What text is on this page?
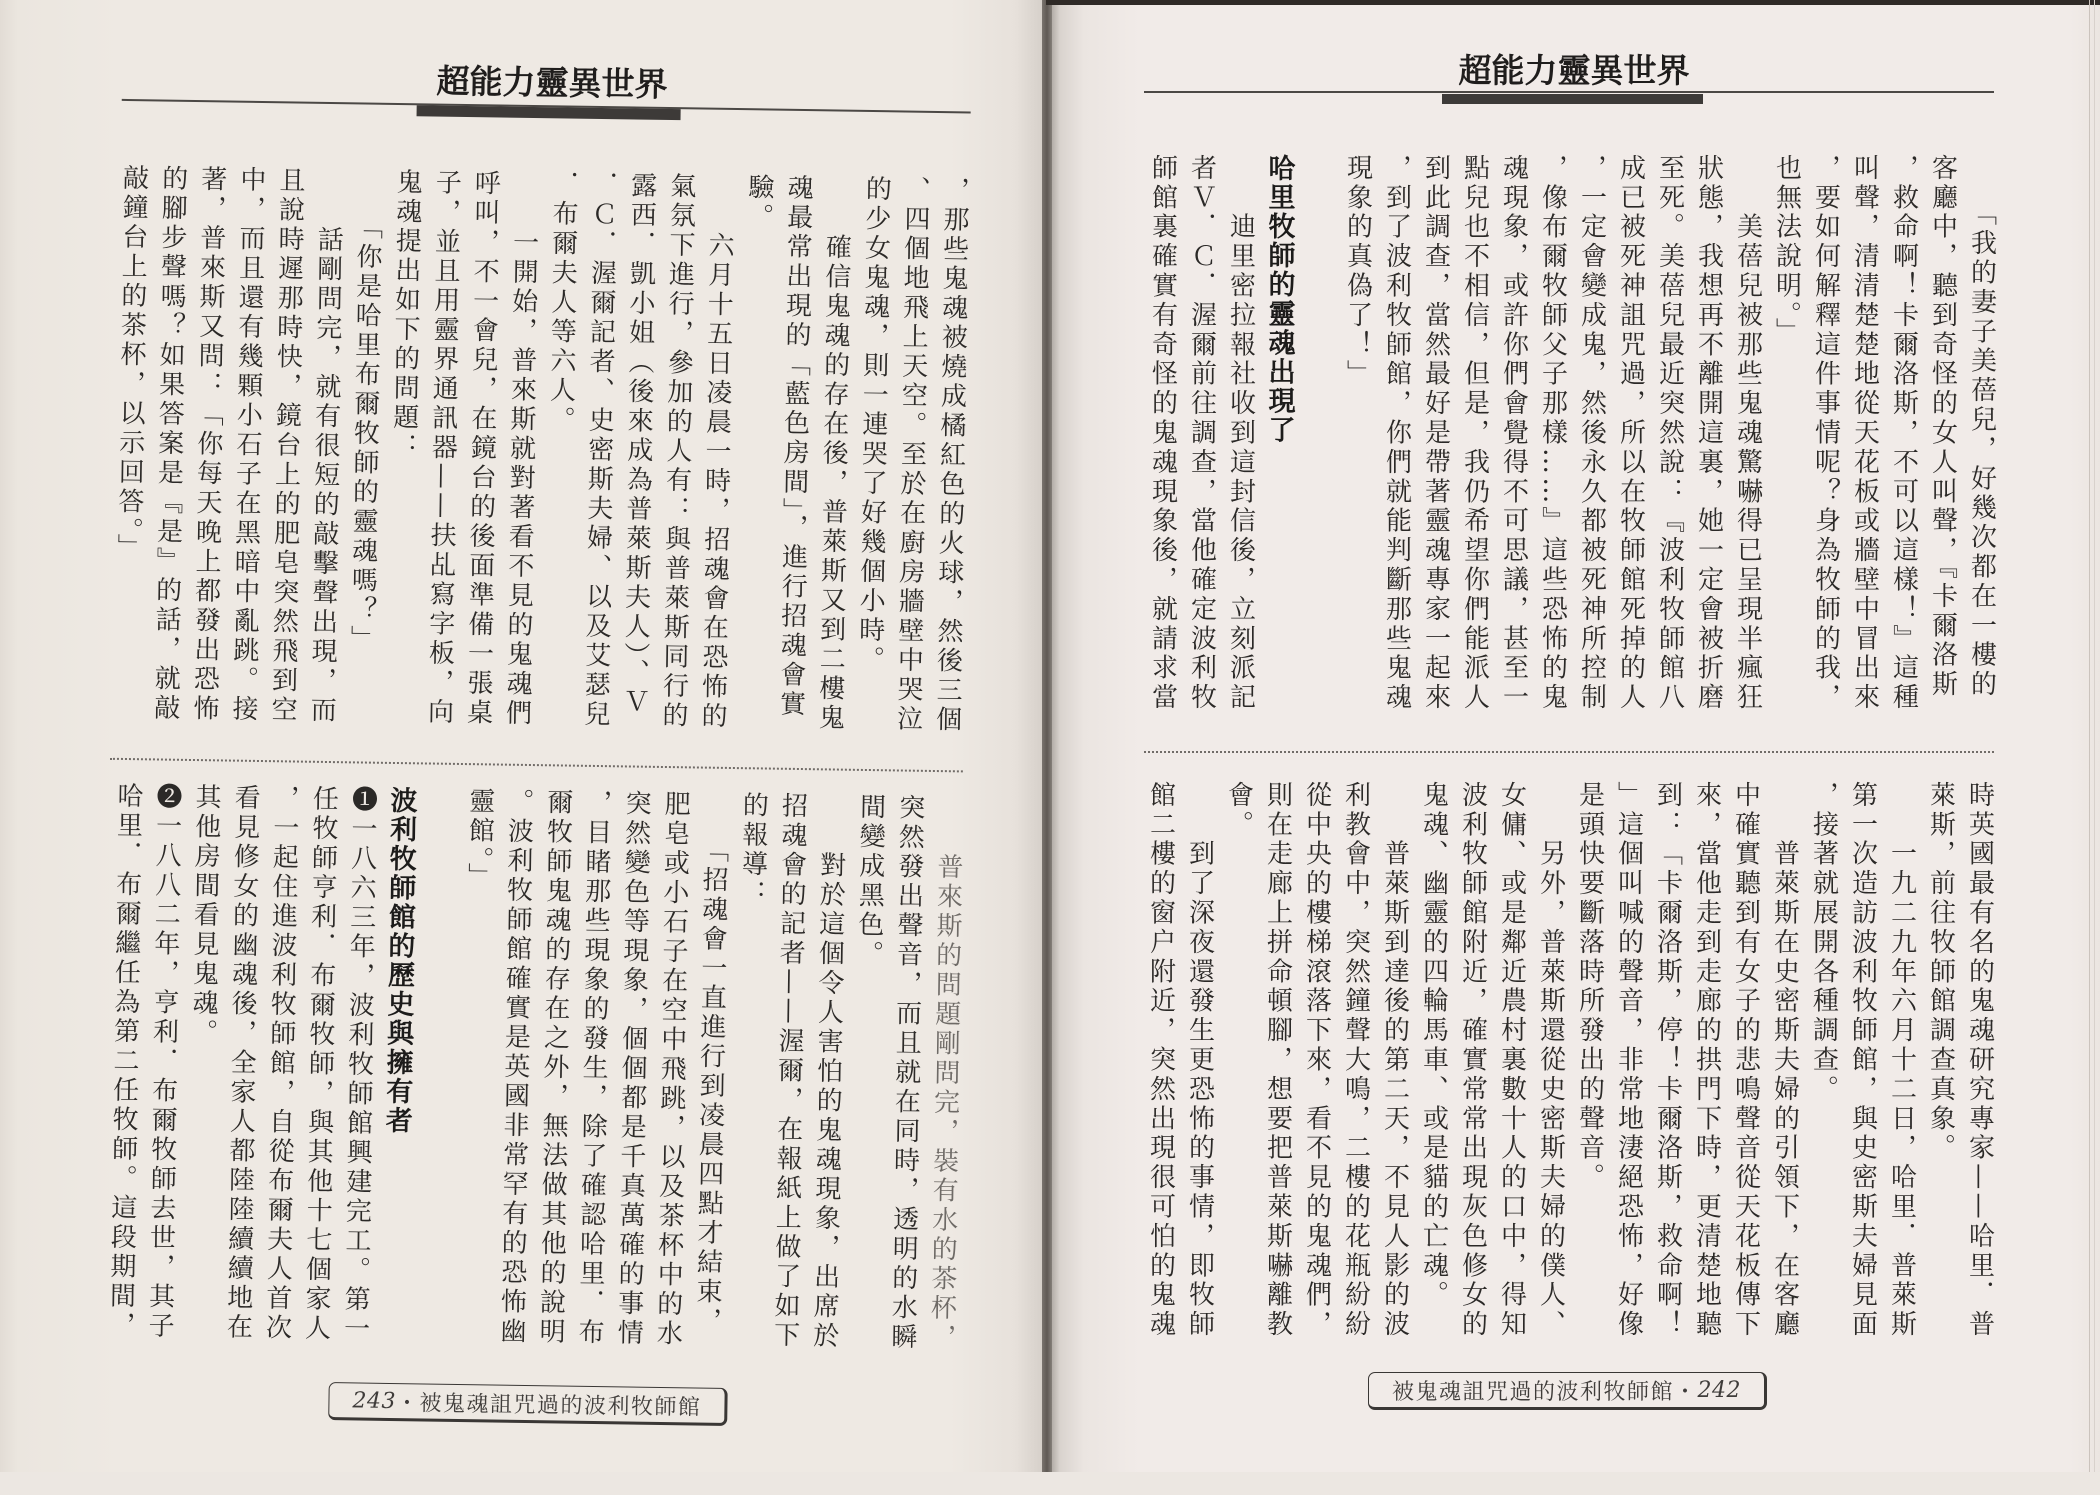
超能力靈異世界
，那些鬼魂被燒成橘紅色的火球，然後三個
、四個地飛上天空。至於在廚房牆壁中哭泣
的少女鬼魂，則一連哭了好幾個小時。
　　確信鬼魂的存在後，普萊斯又到二樓鬼
魂最常出現的「藍色房間」，進行招魂會實
驗。
　　六月十五日凌晨一時，招魂會在恐怖的
氣氛下進行，參加的人有：與普萊斯同行的
露西．凱小姐（後來成為普萊斯夫人）、Ｖ
．Ｃ．渥爾記者、史密斯夫婦、以及艾瑟兒
．布爾夫人等六人。
　　一開始，普來斯就對著看不見的鬼魂們
呼叫，不一會兒，在鏡台的後面準備一張桌
子，並且用靈界通訊器——扶乩寫字板，向
鬼魂提出如下的問題：
　　「你是哈里布爾牧師的靈魂嗎？」
　　話剛問完，就有很短的敲擊聲出現，而
且說時遲那時快，鏡台上的肥皂突然飛到空
中，而且還有幾顆小石子在黑暗中亂跳。接
著，普來斯又問：「你每天晚上都發出恐怖
的腳步聲嗎？如果答案是『是』的話，就敲
敲鐘台上的茶杯，以示回答。」
　　普來斯的問題剛問完，裝有水的茶杯，
突然發出聲音，而且就在同時，透明的水瞬
間變成黑色。
　　對於這個令人害怕的鬼魂現象，出席於
招魂會的記者——渥爾，在報紙上做了如下
的報導：
　　「招魂會一直進行到凌晨四點才結束，
肥皂或小石子在空中飛跳，以及茶杯中的水
突然變色等現象，個個都是千真萬確的事情
，目睹那些現象的發生，除了確認哈里．布
爾牧師鬼魂的存在之外，無法做其他的說明
。波利牧師館確實是英國非常罕有的恐怖幽
靈館。」
波利牧師館的歷史與擁有者
❶一八六三年，波利牧師館興建完工。第一
任牧師亨利．布爾牧師，與其他十七個家人
，一起住進波利牧師館，自從布爾夫人首次
看見修女的幽魂後，全家人都陸陸續續地在
其他房間看見鬼魂。
❷一八八二年，亨利．布爾牧師去世，其子
哈里．布爾繼任為第二任牧師。這段期間，
243 ・ 被鬼魂詛咒過的波利牧師館
超能力靈異世界
　　「我的妻子美蓓兒，好幾次都在一樓的
客廳中，聽到奇怪的女人叫聲，『卡爾洛斯
，救命啊！卡爾洛斯，不可以這樣！』這種
叫聲，清清楚楚地從天花板或牆壁中冒出來
，要如何解釋這件事情呢？身為牧師的我，
也無法說明。」
　　美蓓兒被那些鬼魂驚嚇得已呈現半瘋狂
狀態，我想再不離開這裏，她一定會被折磨
至死。美蓓兒最近突然說：『波利牧師館八
成已被死神詛咒過，所以在牧師館死掉的人
，一定會變成鬼，然後永久都被死神所控制
，像布爾牧師父子那樣……』這些恐怖的鬼
魂現象，或許你們會覺得不可思議，甚至一
點兒也不相信，但是，我仍希望你們能派人
到此調查，當然最好是帶著靈魂專家一起來
，到了波利牧師館，你們就能判斷那些鬼魂
現象的真偽了！」
哈里牧師的靈魂出現了
　　迪里密拉報社收到這封信後，立刻派記
者Ｖ．Ｃ．渥爾前往調查，當他確定波利牧
師館裏確實有奇怪的鬼魂現象後，就請求當
時英國最有名的鬼魂研究專家——哈里．普
萊斯，前往牧師館調查真象。
　　一九二九年六月十二日，哈里．普萊斯
第一次造訪波利牧師館，與史密斯夫婦見面
，接著就展開各種調查。
　　普萊斯在史密斯夫婦的引領下，在客廳
中確實聽到有女子的悲鳴聲音從天花板傳下
來，當他走到走廊的拱門下時，更清楚地聽
到：「卡爾洛斯，停！卡爾洛斯，救命啊！
」這個叫喊的聲音，非常地淒絕恐怖，好像
是頭快要斷落時所發出的聲音。
　　另外，普萊斯還從史密斯夫婦的僕人、
女傭、或是鄰近農村裏數十人的口中，得知
波利牧師館附近，確實常常出現灰色修女的
鬼魂、幽靈的四輪馬車、或是貓的亡魂。
　　普萊斯到達後的第二天，不見人影的波
利教會中，突然鐘聲大鳴，二樓的花瓶紛紛
從中央的樓梯滾落下來，看不見的鬼魂們，
則在走廊上拼命頓腳，想要把普萊斯嚇離教
會。
　　到了深夜還發生更恐怖的事情，即牧師
館二樓的窗户附近，突然出現很可怕的鬼魂
被鬼魂詛咒過的波利牧師館 ・ 242
